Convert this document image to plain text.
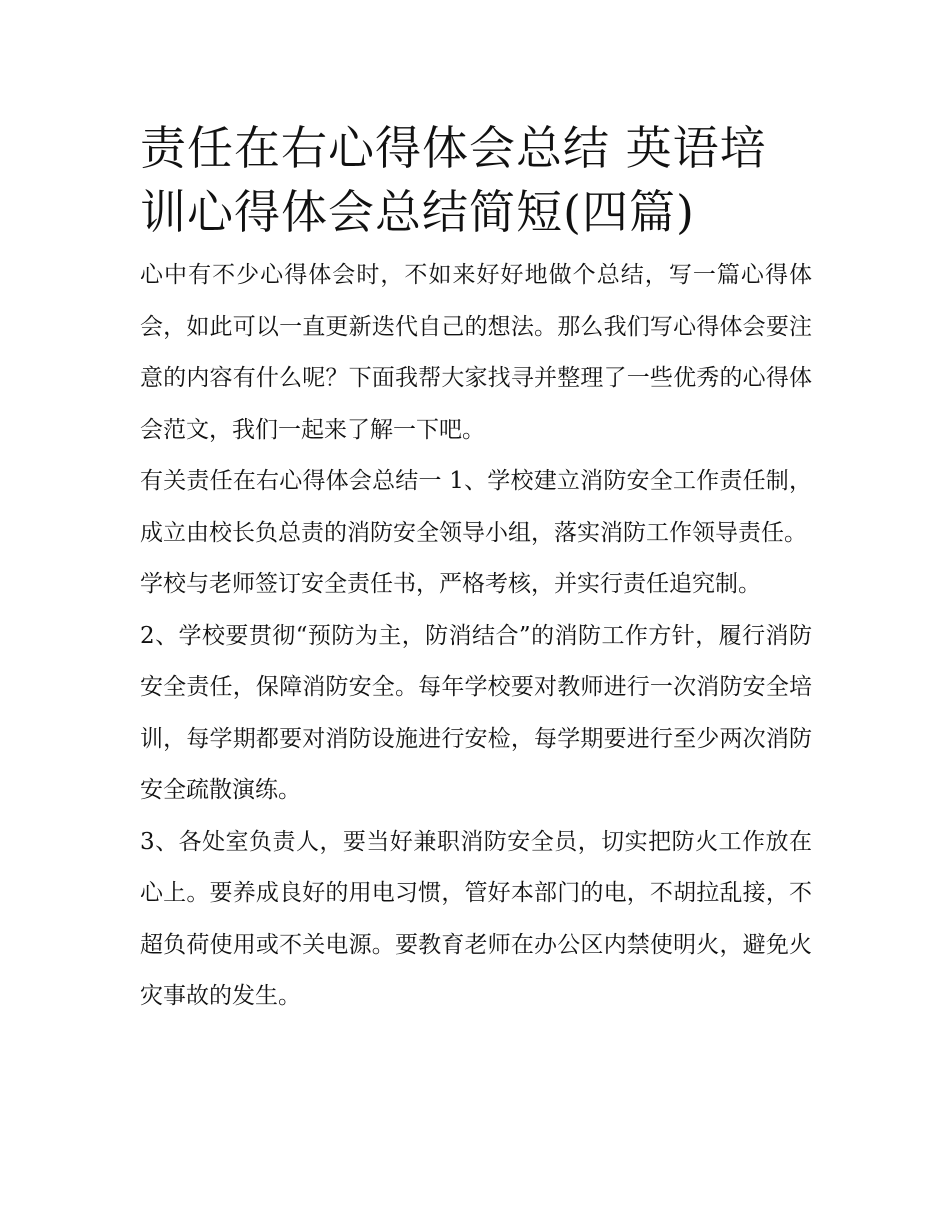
责任在右心得体会总结 英语培训心得体会总结简短(四篇)

心中有不少心得体会时，不如来好好地做个总结，写一篇心得体会，如此可以一直更新迭代自己的想法。那么我们写心得体会要注意的内容有什么呢？下面我帮大家找寻并整理了一些优秀的心得体会范文，我们一起来了解一下吧。

有关责任在右心得体会总结一 1、学校建立消防安全工作责任制，成立由校长负总责的消防安全领导小组，落实消防工作领导责任。

学校与老师签订安全责任书，严格考核，并实行责任追究制。

2、学校要贯彻“预防为主，防消结合”的消防工作方针，履行消防安全责任，保障消防安全。每年学校要对教师进行一次消防安全培训，每学期都要对消防设施进行安检，每学期要进行至少两次消防安全疏散演练。

3、各处室负责人，要当好兼职消防安全员，切实把防火工作放在心上。要养成良好的用电习惯，管好本部门的电，不胡拉乱接，不超负荷使用或不关电源。要教育老师在办公区内禁使明火，避免火灾事故的发生。
